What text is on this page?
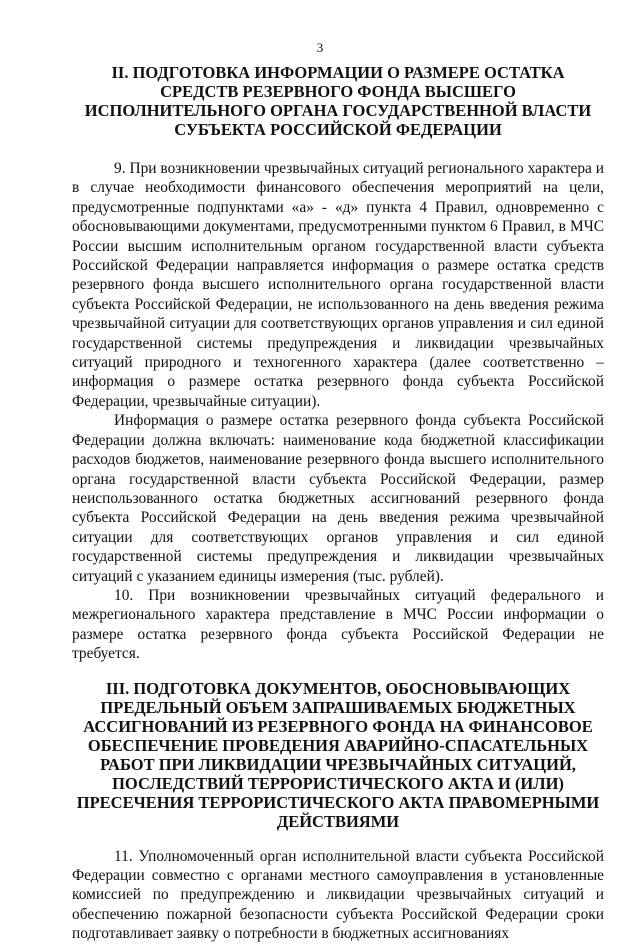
3
II. ПОДГОТОВКА ИНФОРМАЦИИ О РАЗМЕРЕ ОСТАТКА СРЕДСТВ РЕЗЕРВНОГО ФОНДА ВЫСШЕГО ИСПОЛНИТЕЛЬНОГО ОРГАНА ГОСУДАРСТВЕННОЙ ВЛАСТИ СУБЪЕКТА РОССИЙСКОЙ ФЕДЕРАЦИИ

9. При возникновении чрезвычайных ситуаций регионального характера и в случае необходимости финансового обеспечения мероприятий на цели, предусмотренные подпунктами «а» - «д» пункта 4 Правил, одновременно с обосновывающими документами, предусмотренными пунктом 6 Правил, в МЧС России высшим исполнительным органом государственной власти субъекта Российской Федерации направляется информация о размере остатка средств резервного фонда высшего исполнительного органа государственной власти субъекта Российской Федерации, не использованного на день введения режима чрезвычайной ситуации для соответствующих органов управления и сил единой государственной системы предупреждения и ликвидации чрезвычайных ситуаций природного и техногенного характера (далее соответственно – информация о размере остатка резервного фонда субъекта Российской Федерации, чрезвычайные ситуации).

Информация о размере остатка резервного фонда субъекта Российской Федерации должна включать: наименование кода бюджетной классификации расходов бюджетов, наименование резервного фонда высшего исполнительного органа государственной власти субъекта Российской Федерации, размер неиспользованного остатка бюджетных ассигнований резервного фонда субъекта Российской Федерации на день введения режима чрезвычайной ситуации для соответствующих органов управления и сил единой государственной системы предупреждения и ликвидации чрезвычайных ситуаций с указанием единицы измерения (тыс. рублей).

10. При возникновении чрезвычайных ситуаций федерального и межрегионального характера представление в МЧС России информации о размере остатка резервного фонда субъекта Российской Федерации не требуется.

III. ПОДГОТОВКА ДОКУМЕНТОВ, ОБОСНОВЫВАЮЩИХ ПРЕДЕЛЬНЫЙ ОБЪЕМ ЗАПРАШИВАЕМЫХ БЮДЖЕТНЫХ АССИГНОВАНИЙ ИЗ РЕЗЕРВНОГО ФОНДА НА ФИНАНСОВОЕ ОБЕСПЕЧЕНИЕ ПРОВЕДЕНИЯ АВАРИЙНО-СПАСАТЕЛЬНЫХ РАБОТ ПРИ ЛИКВИДАЦИИ ЧРЕЗВЫЧАЙНЫХ СИТУАЦИЙ, ПОСЛЕДСТВИЙ ТЕРРОРИСТИЧЕСКОГО АКТА И (ИЛИ) ПРЕСЕЧЕНИЯ ТЕРРОРИСТИЧЕСКОГО АКТА ПРАВОМЕРНЫМИ ДЕЙСТВИЯМИ

11. Уполномоченный орган исполнительной власти субъекта Российской Федерации совместно с органами местного самоуправления в установленные комиссией по предупреждению и ликвидации чрезвычайных ситуаций и обеспечению пожарной безопасности субъекта Российской Федерации сроки подготавливает заявку о потребности в бюджетных ассигнованиях
